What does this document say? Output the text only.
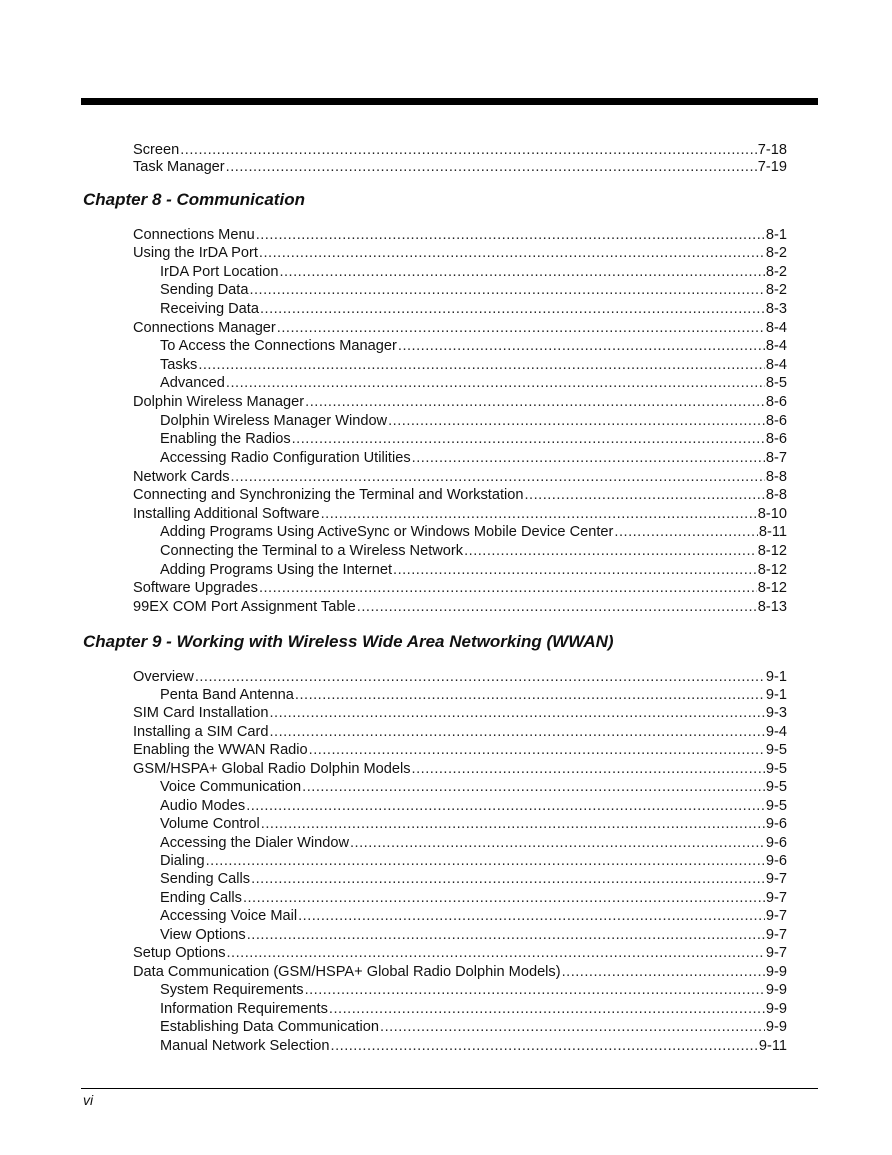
Chapter 8 - Communication
Chapter 9 - Working with Wireless Wide Area Networking (WWAN)
Screen .....	7-18
Task Manager .....	7-19
Connections Menu .....	8-1
Using the IrDA Port .....	8-2
IrDA Port Location .....	8-2
Sending Data .....	8-2
Receiving Data .....	8-3
Connections Manager .....	8-4
To Access the Connections Manager .....	8-4
Tasks .....	8-4
Advanced .....	8-5
Dolphin Wireless Manager .....	8-6
Dolphin Wireless Manager Window .....	8-6
Enabling the Radios .....	8-6
Accessing Radio Configuration Utilities .....	8-7
Network Cards .....	8-8
Connecting and Synchronizing the Terminal and Workstation .....	8-8
Installing Additional Software .....	8-10
Adding Programs Using ActiveSync or Windows Mobile Device Center .....	8-11
Connecting the Terminal to a Wireless Network .....	8-12
Adding Programs Using the Internet .....	8-12
Software Upgrades .....	8-12
99EX COM Port Assignment Table .....	8-13
Overview .....	9-1
Penta Band Antenna .....	9-1
SIM Card Installation .....	9-3
Installing a SIM Card .....	9-4
Enabling the WWAN Radio .....	9-5
GSM/HSPA+ Global Radio Dolphin Models .....	9-5
Voice Communication .....	9-5
Audio Modes .....	9-5
Volume Control .....	9-6
Accessing the Dialer Window .....	9-6
Dialing .....	9-6
Sending Calls .....	9-7
Ending Calls .....	9-7
Accessing Voice Mail .....	9-7
View Options .....	9-7
Setup Options .....	9-7
Data Communication (GSM/HSPA+ Global Radio Dolphin Models) .....	9-9
System Requirements .....	9-9
Information Requirements .....	9-9
Establishing Data Communication .....	9-9
Manual Network Selection .....	9-11
vi
